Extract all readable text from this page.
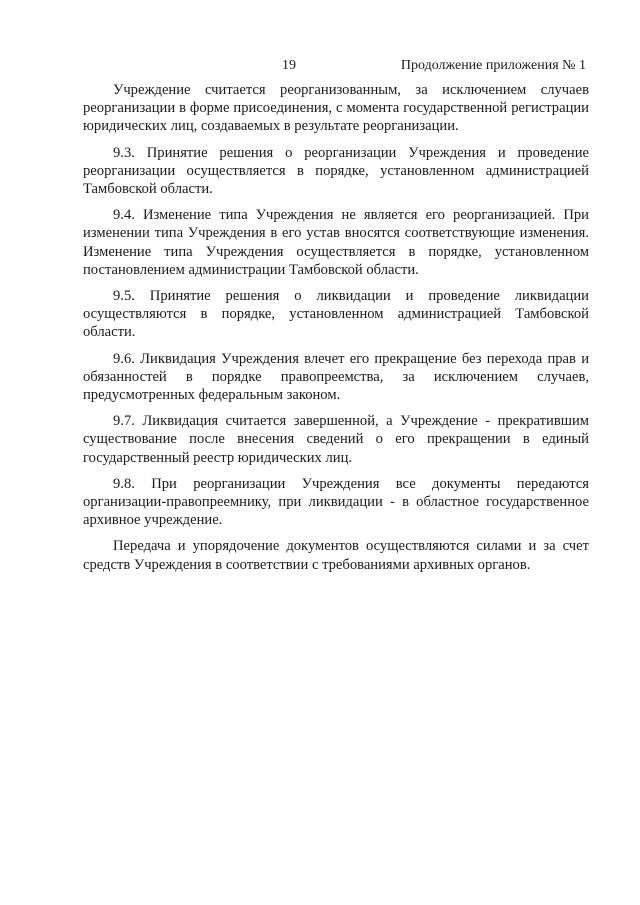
19	Продолжение приложения № 1

Учреждение считается реорганизованным, за исключением случаев реорганизации в форме присоединения, с момента государственной регистрации юридических лиц, создаваемых в результате реорганизации.

9.3. Принятие решения о реорганизации Учреждения и проведение реорганизации осуществляется в порядке, установленном администрацией Тамбовской области.

9.4. Изменение типа Учреждения не является его реорганизацией. При изменении типа Учреждения в его устав вносятся соответствующие изменения. Изменение типа Учреждения осуществляется в порядке, установленном постановлением администрации Тамбовской области.

9.5. Принятие решения о ликвидации и проведение ликвидации осуществляются в порядке, установленном администрацией Тамбовской области.

9.6. Ликвидация Учреждения влечет его прекращение без перехода прав и обязанностей в порядке правопреемства, за исключением случаев, предусмотренных федеральным законом.

9.7. Ликвидация считается завершенной, а Учреждение - прекратившим существование после внесения сведений о его прекращении в единый государственный реестр юридических лиц.

9.8. При реорганизации Учреждения все документы передаются организации-правопреемнику, при ликвидации - в областное государственное архивное учреждение.

Передача и упорядочение документов осуществляются силами и за счет средств Учреждения в соответствии с требованиями архивных органов.
